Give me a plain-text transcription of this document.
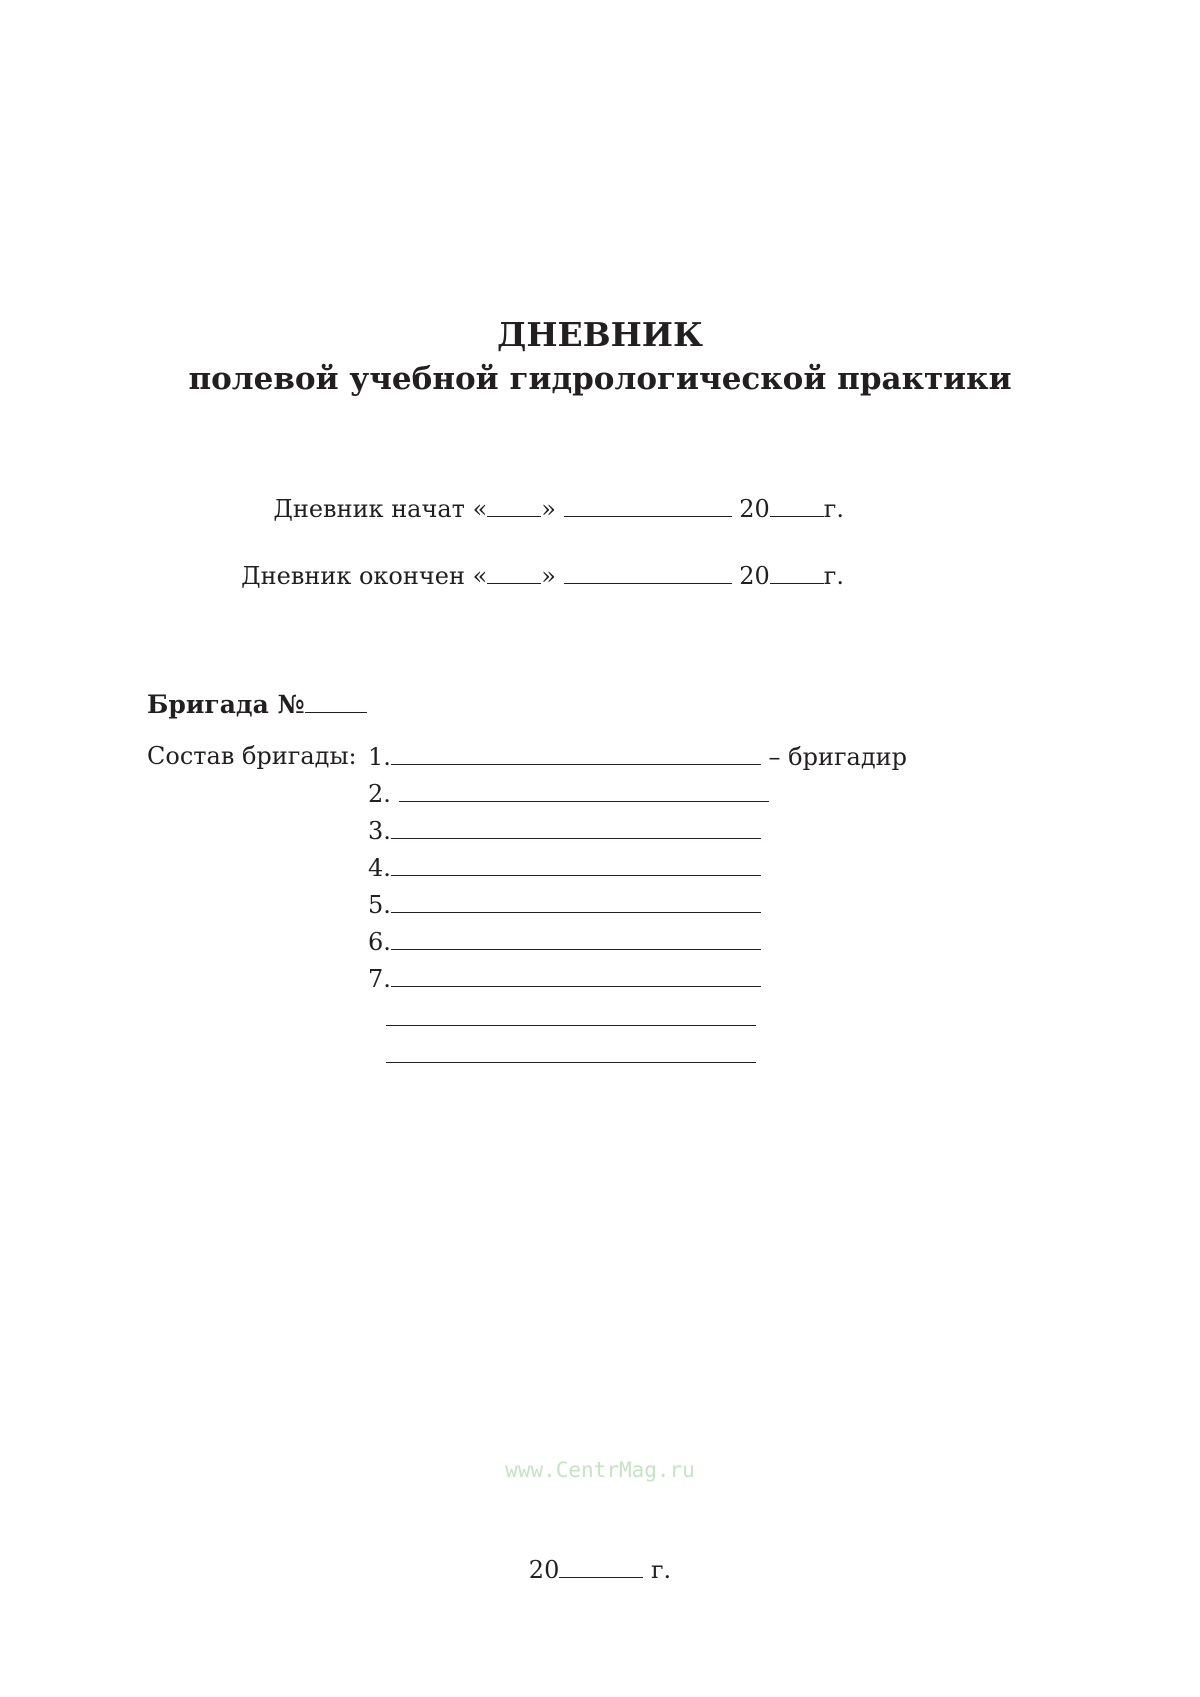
ДНЕВНИК
полевой учебной гидрологической практики
Дневник начат « »	20 г.
Дневник окончен « »	20 г.
Бригада №
Состав бригады: 1.	– бригадир
2.
3.
4.
5.
6.
7.
www.CentrMag.ru
20	г.
